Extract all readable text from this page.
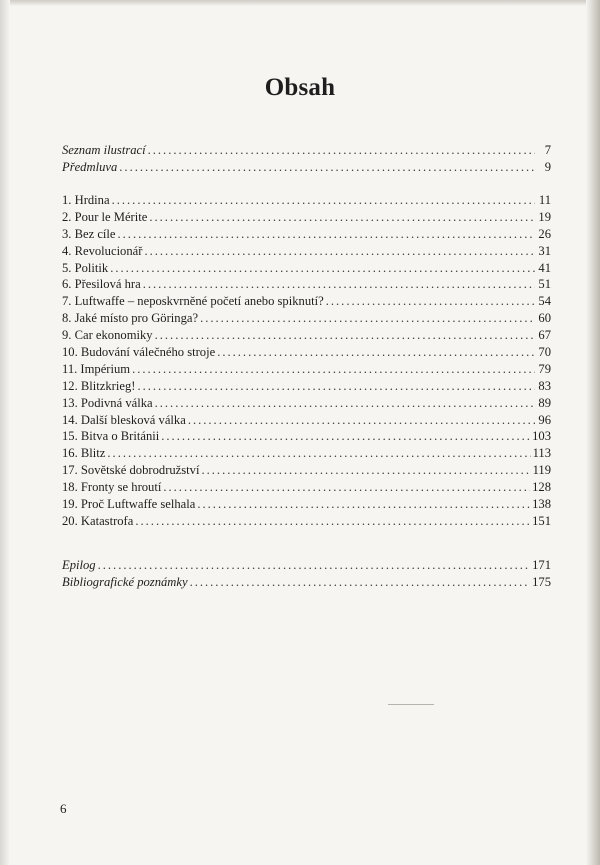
Obsah
Seznam ilustrací .....	7
Předmluva .....	9
1. Hrdina .....	11
2. Pour le Mérite .....	19
3. Bez cíle .....	26
4. Revolucionář .....	31
5. Politik .....	41
6. Přesilová hra .....	51
7. Luftwaffe – neposkvrněné početí anebo spiknutí? .....	54
8. Jaké místo pro Göringa? .....	60
9. Car ekonomiky .....	67
10. Budování válečného stroje .....	70
11. Impérium .....	79
12. Blitzkrieg! .....	83
13. Podivná válka .....	89
14. Další blesková válka .....	96
15. Bitva o Británii .....	103
16. Blitz .....	113
17. Sovětské dobrodružství .....	119
18. Fronty se hroutí .....	128
19. Proč Luftwaffe selhala .....	138
20. Katastrofa .....	151
Epilog .....	171
Bibliografické poznámky .....	175
6
